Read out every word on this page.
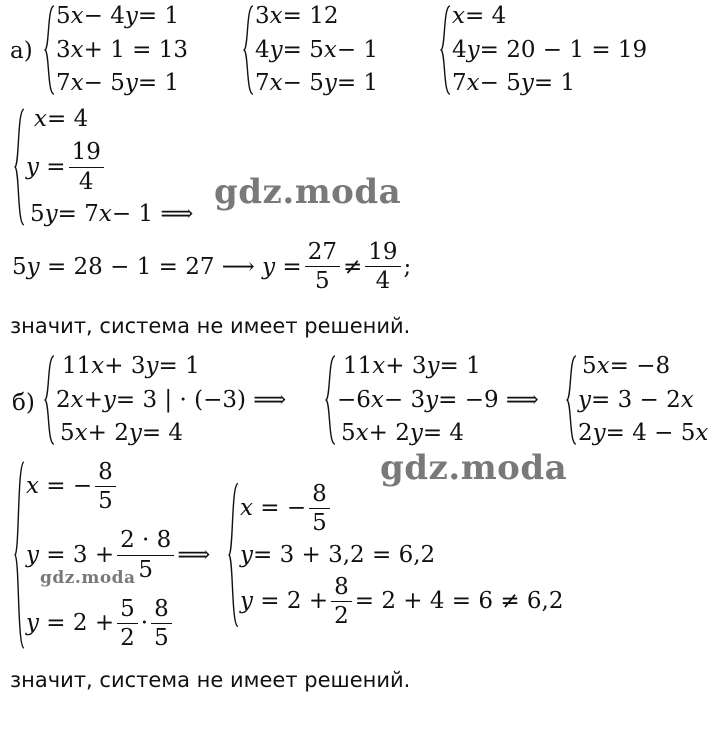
а)
5 x − 4 y = 1
3 x + 1 = 13
7 x − 5 y = 1
3 x = 12
4 y = 5 x − 1
7 x − 5 y = 1
x = 4
4 y = 20 − 1 = 19
7 x − 5 y = 1
x = 4
$y = \frac{19}{4}$
5 y = 7 x − 1 ⟹
5y = 28 − 1 = 27 ⟶ $y = \frac{27}{5} \ne \frac{19}{4}$ ;
значит, система не имеет решений.
б)
11 x + 3 y = 1
2 x + y = 3 | · (−3) ⟹
5 x + 2 y = 4
11 x + 3 y = 1
−6 x − 3 y = −9 ⟹
5 x + 2 y = 4
5 x = −8
y = 3 − 2 x
2 y = 4 − 5 x
x = − $\frac{8}{5}$
$y = 3 + \frac{2 \cdot 8}{5}$ ⟹
$y = 2 + \frac{5}{2} \cdot \frac{8}{5}$
x = − $\frac{8}{5}$
y = 3 + 3,2 = 6,2
$y = 2 + \frac{8}{2} = 2 + 4 = 6 \ne 6,2$
значит, система не имеет решений.
gdz.moda
gdz.moda
gdz.moda
